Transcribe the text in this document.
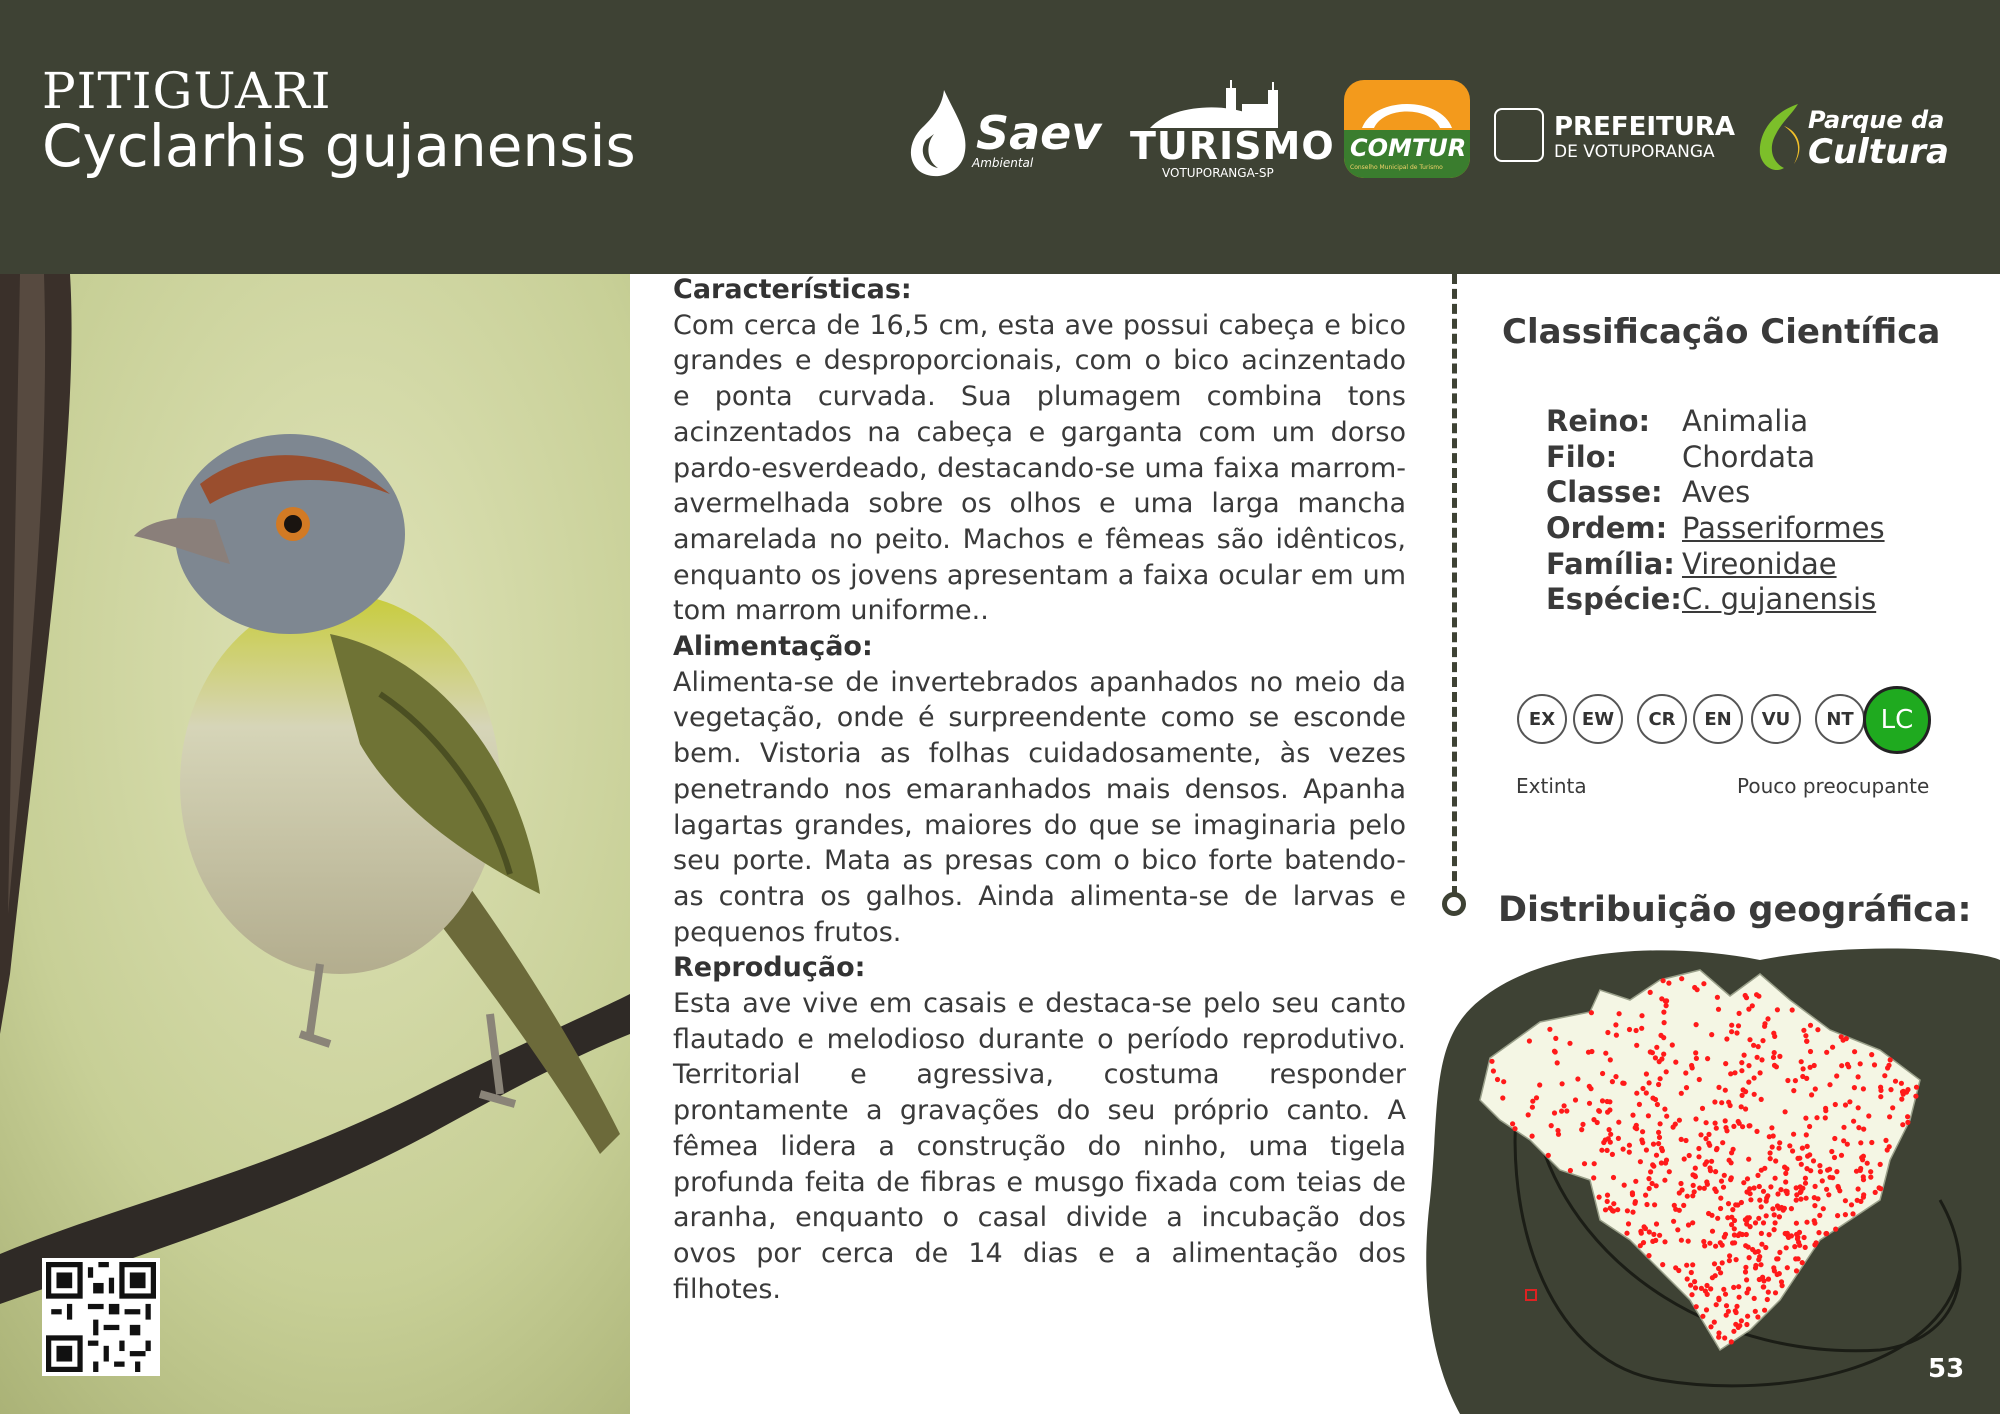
PITIGUARI
Cyclarhis gujanensis	Saev
Ambiental	TURISMO
VOTUPORANGA-SP
COMTUR
Conselho Municipal de Turismo
PREFEITURA
DE VOTUPORANGA
Parque da
Cultura
Características:

Com cerca de 16,5 cm, esta ave possui cabeça e bico grandes e desproporcionais, com o bico acinzentado e ponta curvada. Sua plumagem combina tons acinzentados na cabeça e garganta com um dorso pardo-esverdeado, destacando-se uma faixa marrom-avermelhada sobre os olhos e uma larga mancha amarelada no peito. Machos e fêmeas são idênticos, enquanto os jovens apresentam a faixa ocular em um tom marrom uniforme..

Alimentação:

Alimenta-se de invertebrados apanhados no meio da vegetação, onde é surpreendente como se esconde bem. Vistoria as folhas cuidadosamente, às vezes penetrando nos emaranhados mais densos. Apanha lagartas grandes, maiores do que se imaginaria pelo seu porte. Mata as presas com o bico forte batendo-as contra os galhos. Ainda alimenta-se de larvas e pequenos frutos.

Reprodução:

Esta ave vive em casais e destaca-se pelo seu canto flautado e melodioso durante o período reprodutivo. Territorial e agressiva, costuma responder prontamente a gravações do seu próprio canto. A fêmea lidera a construção do ninho, uma tigela profunda feita de fibras e musgo fixada com teias de aranha, enquanto o casal divide a incubação dos ovos por cerca de 14 dias e a alimentação dos filhotes.

Classificação Científica
Reino:	Animalia
Filo:	Chordata
Classe: Aves
Ordem: Passeriformes
Família: Vireonidae
Espécie: C. gujanensis
EX	EW	CR	EN	VU	NT	LC
Extinta	Pouco preocupante
Distribuição geográfica:
53
